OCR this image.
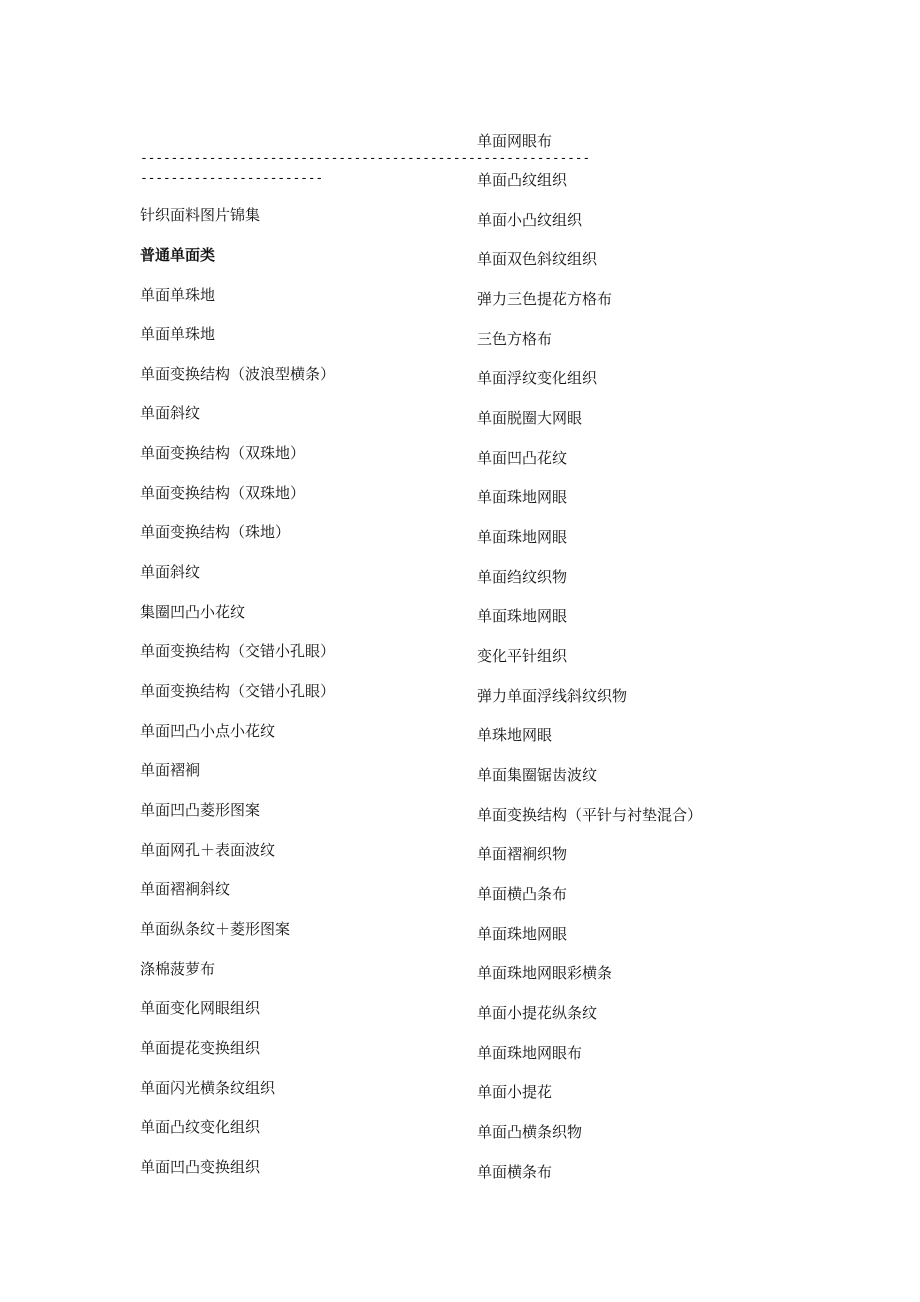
-----------------------------------------------------------
------------------------
针织面料图片锦集
普通单面类
单面单珠地
单面单珠地
单面变换结构（波浪型横条）
单面斜纹
单面变换结构（双珠地）
单面变换结构（双珠地）
单面变换结构（珠地）
单面斜纹
集圈凹凸小花纹
单面变换结构（交错小孔眼）
单面变换结构（交错小孔眼）
单面凹凸小点小花纹
单面褶裥
单面凹凸菱形图案
单面网孔＋表面波纹
单面褶裥斜纹
单面纵条纹＋菱形图案
涤棉菠萝布
单面变化网眼组织
单面提花变换组织
单面闪光横条纹组织
单面凸纹变化组织
单面凹凸变换组织
单面网眼布
单面凸纹组织
单面小凸纹组织
单面双色斜纹组织
弹力三色提花方格布
三色方格布
单面浮纹变化组织
单面脱圈大网眼
单面凹凸花纹
单面珠地网眼
单面珠地网眼
单面绉纹织物
单面珠地网眼
变化平针组织
弹力单面浮线斜纹织物
单珠地网眼
单面集圈锯齿波纹
单面变换结构（平针与衬垫混合）
单面褶裥织物
单面横凸条布
单面珠地网眼
单面珠地网眼彩横条
单面小提花纵条纹
单面珠地网眼布
单面小提花
单面凸横条织物
单面横条布
